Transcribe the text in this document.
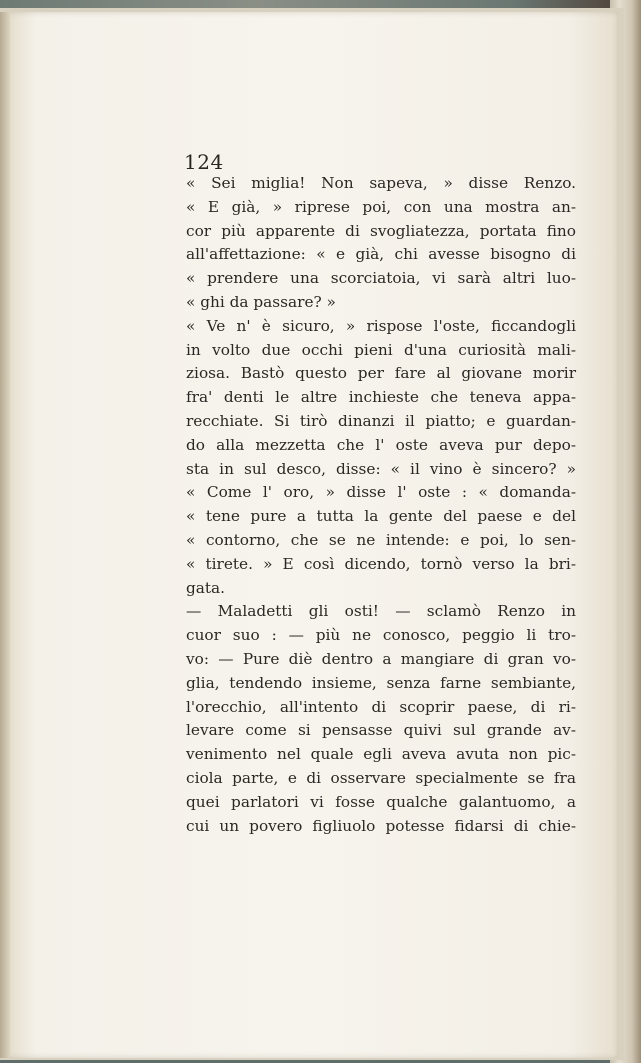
124
« Sei miglia! Non sapeva, » disse Renzo.
« E già, » riprese poi, con una mostra an-
cor più apparente di svogliatezza, portata fino
all'affettazione: « e già, chi avesse bisogno di
« prendere una scorciatoia, vi sarà altri luo-
« ghi da passare? »
« Ve n' è sicuro, » rispose l'oste, ficcandogli
in volto due occhi pieni d'una curiosità mali-
ziosa. Bastò questo per fare al giovane morir
fra' denti le altre inchieste che teneva appa-
recchiate. Si tirò dinanzi il piatto; e guardan-
do alla mezzetta che l' oste aveva pur depo-
sta in sul desco, disse: « il vino è sincero? »
« Come l' oro, » disse l' oste : « domanda-
« tene pure a tutta la gente del paese e del
« contorno, che se ne intende: e poi, lo sen-
« tirete. » E così dicendo, tornò verso la bri-
gata.
— Maladetti gli osti! — sclamò Renzo in
cuor suo : — più ne conosco, peggio li tro-
vo: — Pure diè dentro a mangiare di gran vo-
glia, tendendo insieme, senza farne sembiante,
l'orecchio, all'intento di scoprir paese, di ri-
levare come si pensasse quivi sul grande av-
venimento nel quale egli aveva avuta non pic-
ciola parte, e di osservare specialmente se fra
quei parlatori vi fosse qualche galantuomo, a
cui un povero figliuolo potesse fidarsi di chie-
